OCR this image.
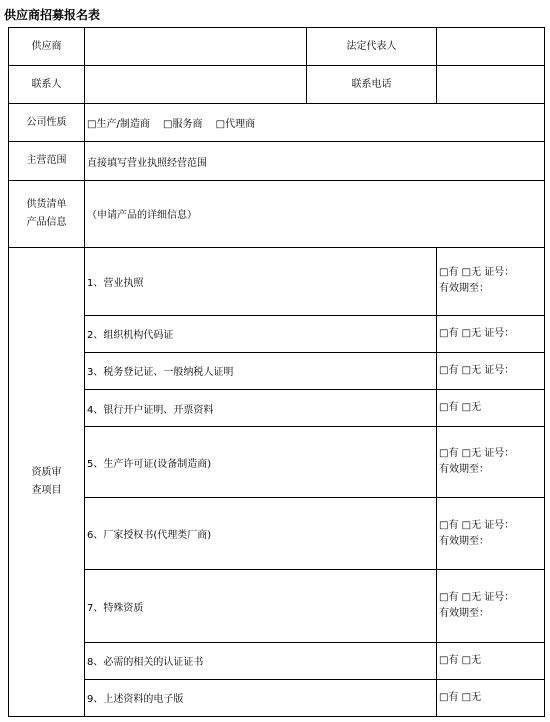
供应商招募报名表
供应商		法定代表人	
联系人		联系电话	
公司性质	□生产/制造商 □服务商 □代理商		
主营范围	直接填写营业执照经营范围		

供货清单
产品信息	（申请产品的详细信息）		

资质审
查项目	1、营业执照		□有 □无 证号：
有效期至：

	2、组织机构代码证		□有 □无 证号：

	3、税务登记证、一般纳税人证明		□有 □无 证号：

	4、银行开户证明、开票资料		□有 □无

	5、生产许可证(设备制造商)		□有 □无 证号：
有效期至：

	6、厂家授权书(代理类厂商)		□有 □无 证号：
有效期至：

	7、特殊资质		□有 □无 证号：
有效期至：

	8、必需的相关的认证证书		□有 □无

	9、上述资料的电子版		□有 □无
